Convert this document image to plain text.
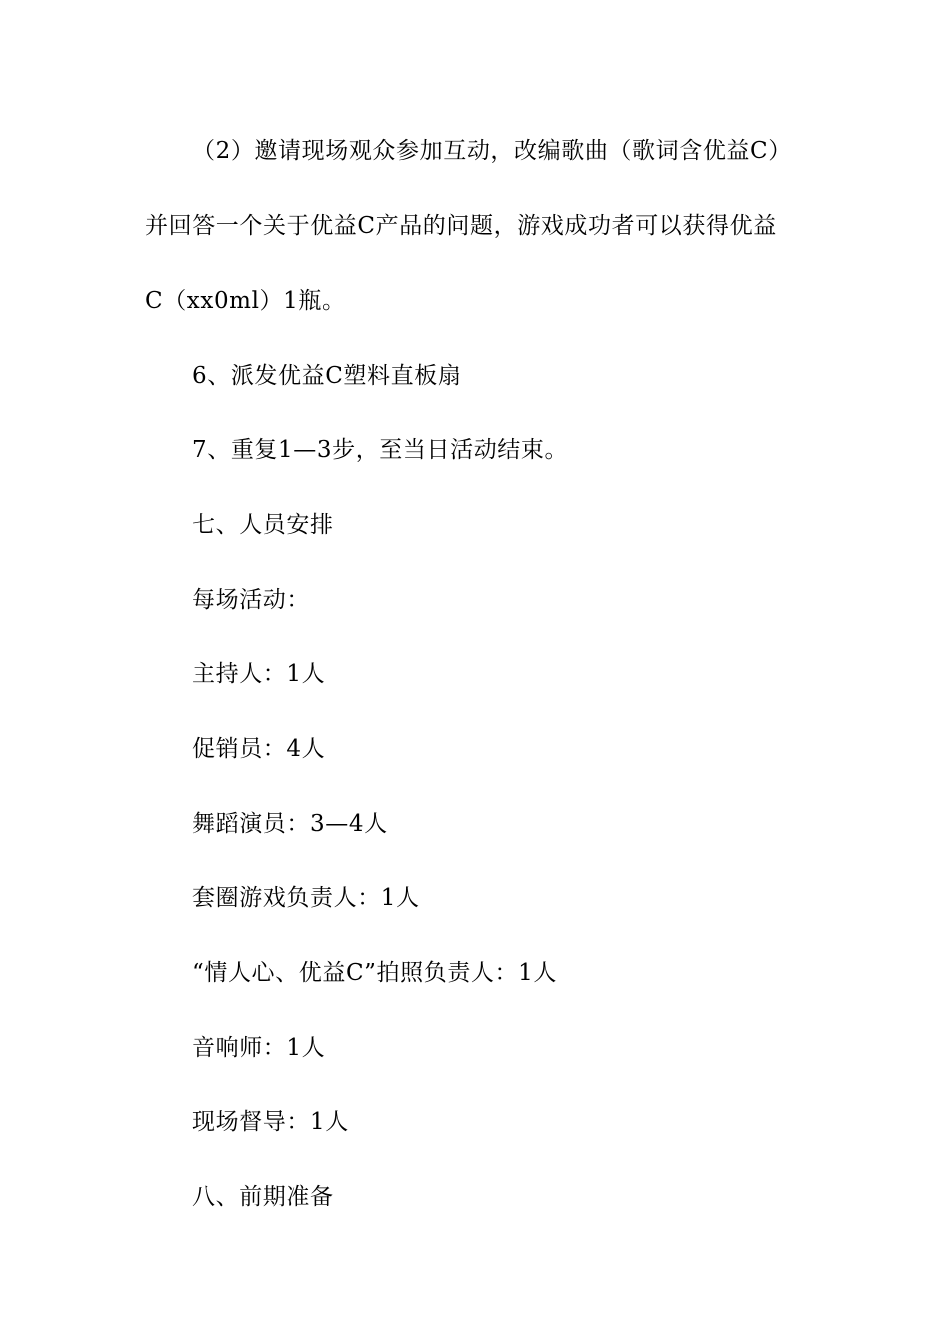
（2）邀请现场观众参加互动，改编歌曲（歌词含优益C）
并回答一个关于优益C产品的问题，游戏成功者可以获得优益
C（xx0ml）1瓶。
6、派发优益C塑料直板扇
7、重复1—3步，至当日活动结束。
七、人员安排
每场活动：
主持人：1人
促销员：4人
舞蹈演员：3—4人
套圈游戏负责人：1人
“情人心、优益C”拍照负责人：1人
音响师：1人
现场督导：1人
八、前期准备
